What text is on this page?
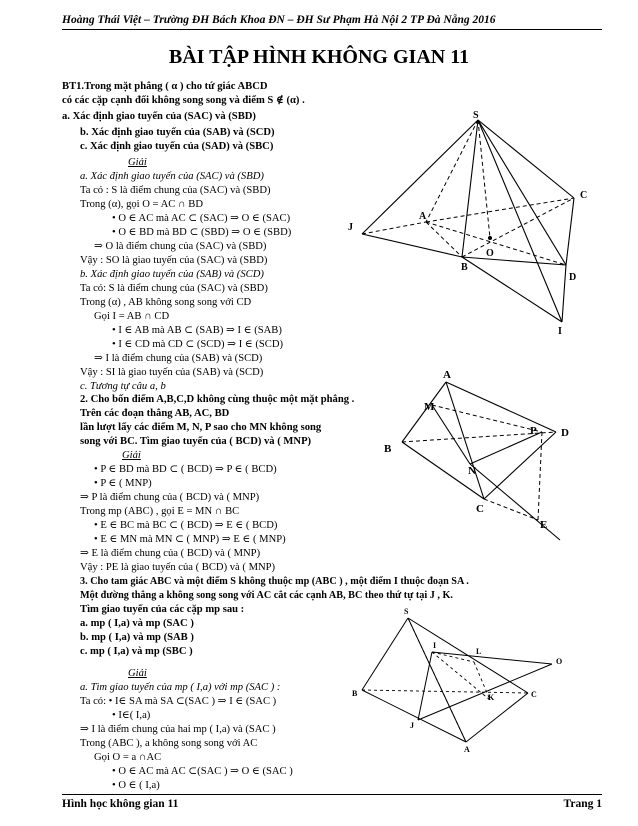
Hoàng Thái Việt – Trường ĐH Bách Khoa ĐN – ĐH Sư Phạm Hà Nội 2 TP Đà Nẵng 2016
BÀI TẬP HÌNH KHÔNG GIAN 11
BT1.Trong mặt phẳng ( α ) cho tứ giác ABCD
có các cặp cạnh đối không song song và điểm S ∉ (α) .
a. Xác định giao tuyến của (SAC) và (SBD)
b. Xác định giao tuyến của (SAB) và (SCD)
c. Xác định giao tuyến của (SAD) và (SBC)
Giải
a. Xác định giao tuyến của (SAC) và (SBD)
Ta có : S là điểm chung của (SAC) và (SBD)
Trong (α), gọi O = AC ∩ BD
• O ∈ AC mà AC ⊂ (SAC) ⇒ O ∈ (SAC)
• O ∈ BD mà BD ⊂ (SBD) ⇒ O ∈ (SBD)
⇒ O là điểm chung của (SAC) và (SBD)
Vậy : SO là giao tuyến của (SAC) và (SBD)
b. Xác định giao tuyến của (SAB) và (SCD)
Ta có: S là điểm chung của (SAC) và (SBD)
Trong (α) , AB không song song với CD
Gọi I = AB ∩ CD
• I ∈ AB mà AB ⊂ (SAB) ⇒ I ∈ (SAB)
• I ∈ CD mà CD ⊂ (SCD) ⇒ I ∈ (SCD)
⇒ I là điểm chung của (SAB) và (SCD)
Vậy : SI là giao tuyến của (SAB) và (SCD)
c. Tương tự câu a, b
2. Cho bốn điểm A,B,C,D không cùng thuộc một mặt phẳng .
Trên các đoạn thẳng AB, AC, BD
lần lượt lấy các điểm M, N, P sao cho MN không song
song với BC. Tìm giao tuyến của ( BCD) và ( MNP)
Giải
• P ∈ BD mà BD ⊂ ( BCD) ⇒ P ∈ ( BCD)
• P ∈ ( MNP)
⇒ P là điểm chung của ( BCD) và ( MNP)
Trong mp (ABC) , gọi E = MN ∩ BC
• E ∈ BC mà BC ⊂ ( BCD) ⇒ E ∈ ( BCD)
• E ∈ MN mà MN ⊂ ( MNP) ⇒ E ∈ ( MNP)
⇒ E là điểm chung của ( BCD) và ( MNP)
Vậy : PE là giao tuyến của ( BCD) và ( MNP)
3. Cho tam giác ABC và một điểm S không thuộc mp (ABC ) , một điểm I thuộc đoạn SA .
Một đường thẳng a không song song với AC cắt các cạnh AB, BC theo thứ tự tại J , K.
Tìm giao tuyến của các cặp mp sau :
a. mp ( I,a) và mp (SAC )
b. mp ( I,a) và mp (SAB )
c. mp ( I,a) và mp (SBC )
Giải
a. Tìm giao tuyến của mp ( I,a) với mp (SAC ) :
Ta có: • I∈ SA mà SA ⊂(SAC ) ⇒ I ∈ (SAC )
• I∈( I,a)
⇒ I là điểm chung của hai mp ( I,a) và (SAC )
Trong (ABC ), a không song song với AC
Gọi O = a ∩AC
• O ∈ AC mà AC ⊂(SAC ) ⇒ O ∈ (SAC )
• O ∈ ( I,a)
S
A
C
J
O
B
D
I
A
M
P D
B
N
C
E
S
I
L
O
B	K	C
J
A
Hình học không gian 11	Trang 1
